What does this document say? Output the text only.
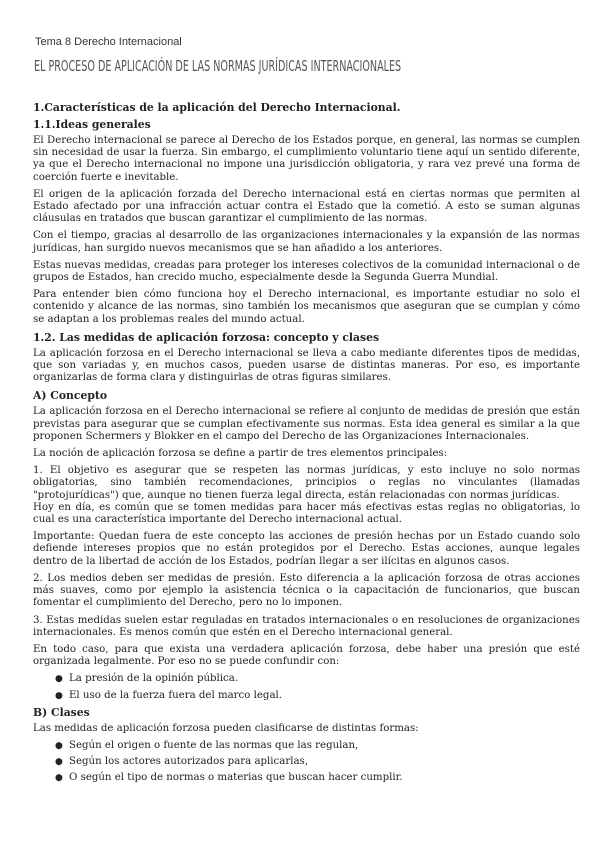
Tema 8 Derecho Internacional
EL PROCESO DE APLICACIÓN DE LAS NORMAS JURÍDICAS INTERNACIONALES
1.Características de la aplicación del Derecho Internacional.
1.1.Ideas generales

El Derecho internacional se parece al Derecho de los Estados porque, en general, las normas se cumplen sin necesidad de usar la fuerza. Sin embargo, el cumplimiento voluntario tiene aquí un sentido diferente, ya que el Derecho internacional no impone una jurisdicción obligatoria, y rara vez prevé una forma de coerción fuerte e inevitable.

El origen de la aplicación forzada del Derecho internacional está en ciertas normas que permiten al Estado afectado por una infracción actuar contra el Estado que la cometió. A esto se suman algunas cláusulas en tratados que buscan garantizar el cumplimiento de las normas.

Con el tiempo, gracias al desarrollo de las organizaciones internacionales y la expansión de las normas jurídicas, han surgido nuevos mecanismos que se han añadido a los anteriores.

Estas nuevas medidas, creadas para proteger los intereses colectivos de la comunidad internacional o de grupos de Estados, han crecido mucho, especialmente desde la Segunda Guerra Mundial.

Para entender bien cómo funciona hoy el Derecho internacional, es importante estudiar no solo el contenido y alcance de las normas, sino también los mecanismos que aseguran que se cumplan y cómo se adaptan a los problemas reales del mundo actual.

1.2. Las medidas de aplicación forzosa: concepto y clases

La aplicación forzosa en el Derecho internacional se lleva a cabo mediante diferentes tipos de medidas, que son variadas y, en muchos casos, pueden usarse de distintas maneras. Por eso, es importante organizarlas de forma clara y distinguirlas de otras figuras similares.

A) Concepto

La aplicación forzosa en el Derecho internacional se refiere al conjunto de medidas de presión que están previstas para asegurar que se cumplan efectivamente sus normas. Esta idea general es similar a la que proponen Schermers y Blokker en el campo del Derecho de las Organizaciones Internacionales.

La noción de aplicación forzosa se define a partir de tres elementos principales:

1. El objetivo es asegurar que se respeten las normas jurídicas, y esto incluye no solo normas obligatorias, sino también recomendaciones, principios o reglas no vinculantes (llamadas "protojurídicas") que, aunque no tienen fuerza legal directa, están relacionadas con normas jurídicas.

Hoy en día, es común que se tomen medidas para hacer más efectivas estas reglas no obligatorias, lo cual es una característica importante del Derecho internacional actual.

Importante: Quedan fuera de este concepto las acciones de presión hechas por un Estado cuando solo defiende intereses propios que no están protegidos por el Derecho. Estas acciones, aunque legales dentro de la libertad de acción de los Estados, podrían llegar a ser ilícitas en algunos casos.

2. Los medios deben ser medidas de presión. Esto diferencia a la aplicación forzosa de otras acciones más suaves, como por ejemplo la asistencia técnica o la capacitación de funcionarios, que buscan fomentar el cumplimiento del Derecho, pero no lo imponen.

3. Estas medidas suelen estar reguladas en tratados internacionales o en resoluciones de organizaciones internacionales. Es menos común que estén en el Derecho internacional general.

En todo caso, para que exista una verdadera aplicación forzosa, debe haber una presión que esté organizada legalmente. Por eso no se puede confundir con:

● La presión de la opinión pública.
● El uso de la fuerza fuera del marco legal.
B) Clases

Las medidas de aplicación forzosa pueden clasificarse de distintas formas:

● Según el origen o fuente de las normas que las regulan,
● Según los actores autorizados para aplicarlas,
● O según el tipo de normas o materias que buscan hacer cumplir.
